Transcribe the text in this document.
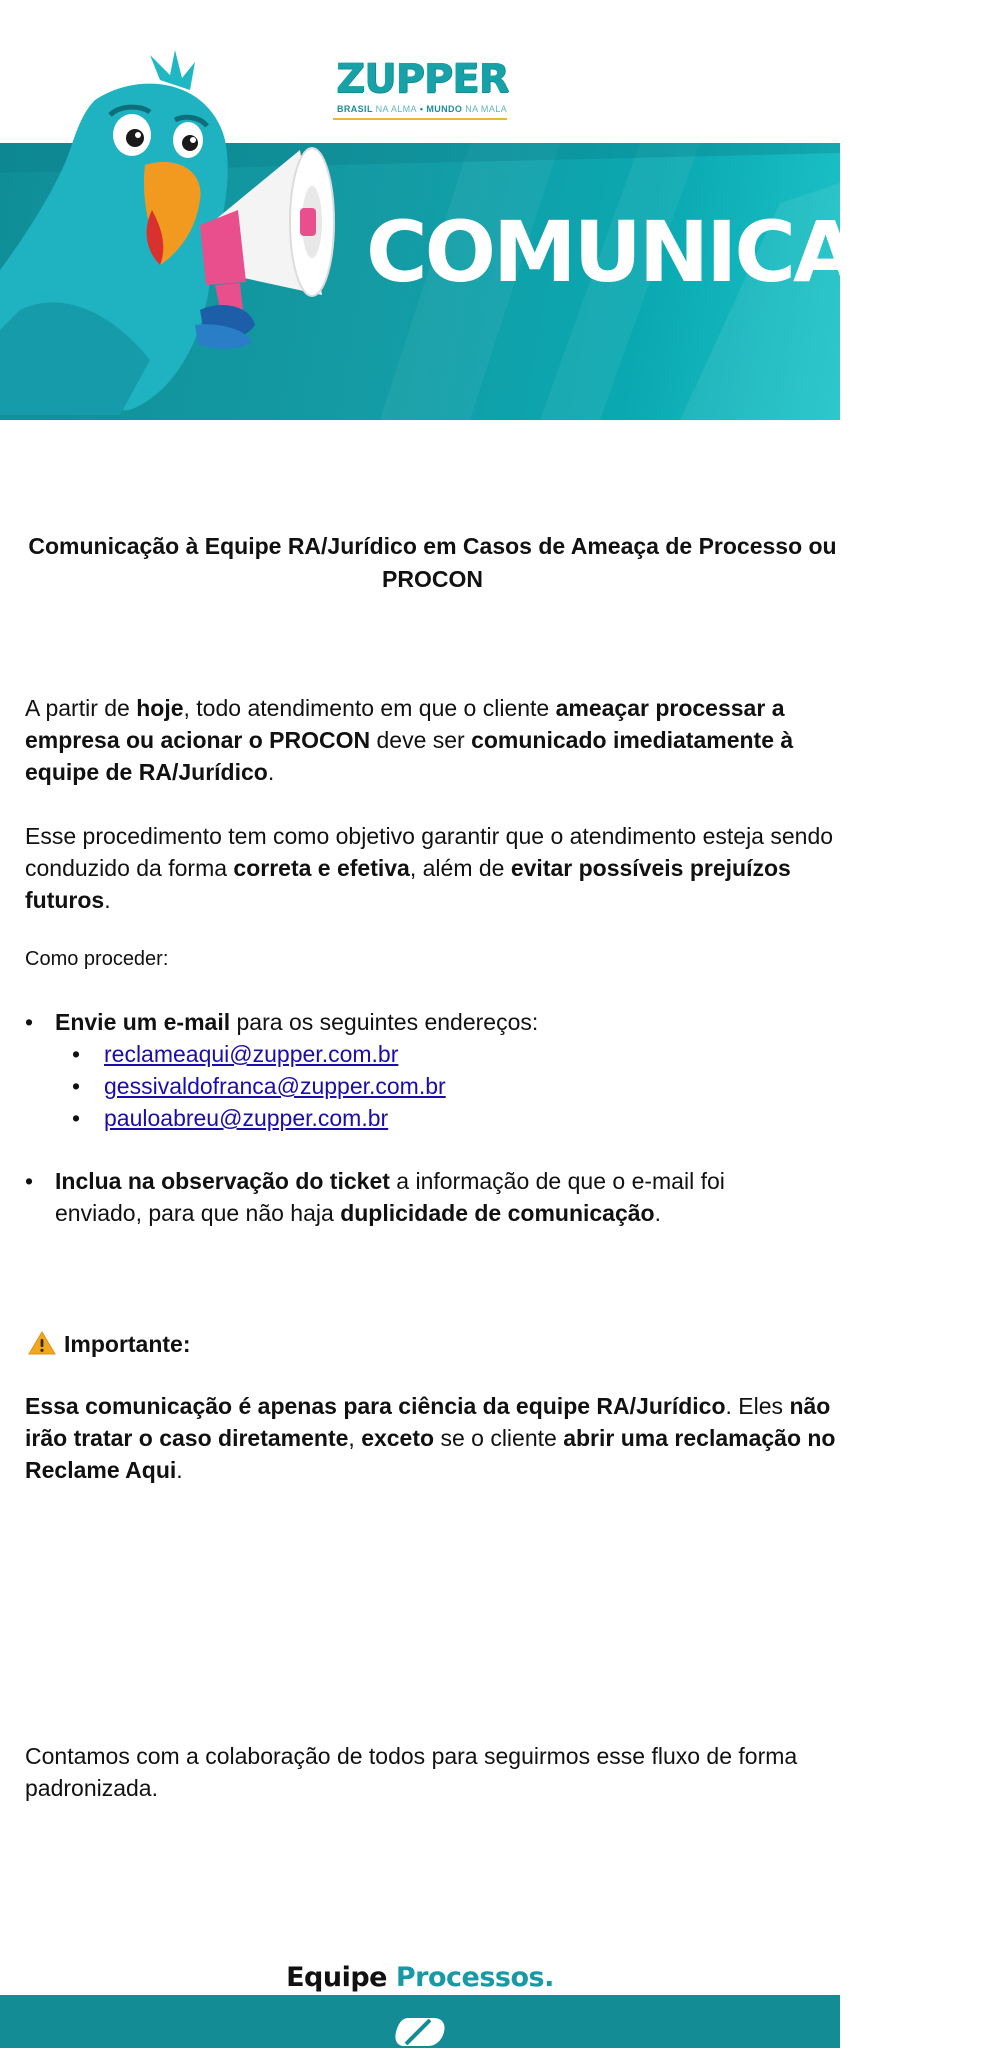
ZUPPER
BRASIL NA ALMA • MUNDO NA MALA
COMUNICADO
Comunicação à Equipe RA/Jurídico em Casos de Ameaça de Processo ou PROCON
A partir de hoje, todo atendimento em que o cliente ameaçar processar a empresa ou acionar o PROCON deve ser comunicado imediatamente à equipe de RA/Jurídico.
Esse procedimento tem como objetivo garantir que o atendimento esteja sendo conduzido da forma correta e efetiva, além de evitar possíveis prejuízos futuros.
Como proceder:
• Envie um e-mail para os seguintes endereços:
• reclameaqui@zupper.com.br
• gessivaldofranca@zupper.com.br
• pauloabreu@zupper.com.br
• Inclua na observação do ticket a informação de que o e-mail foi enviado, para que não haja duplicidade de comunicação.
Importante:
Essa comunicação é apenas para ciência da equipe RA/Jurídico. Eles não irão tratar o caso diretamente, exceto se o cliente abrir uma reclamação no Reclame Aqui.
Contamos com a colaboração de todos para seguirmos esse fluxo de forma padronizada.
Equipe Processos.
